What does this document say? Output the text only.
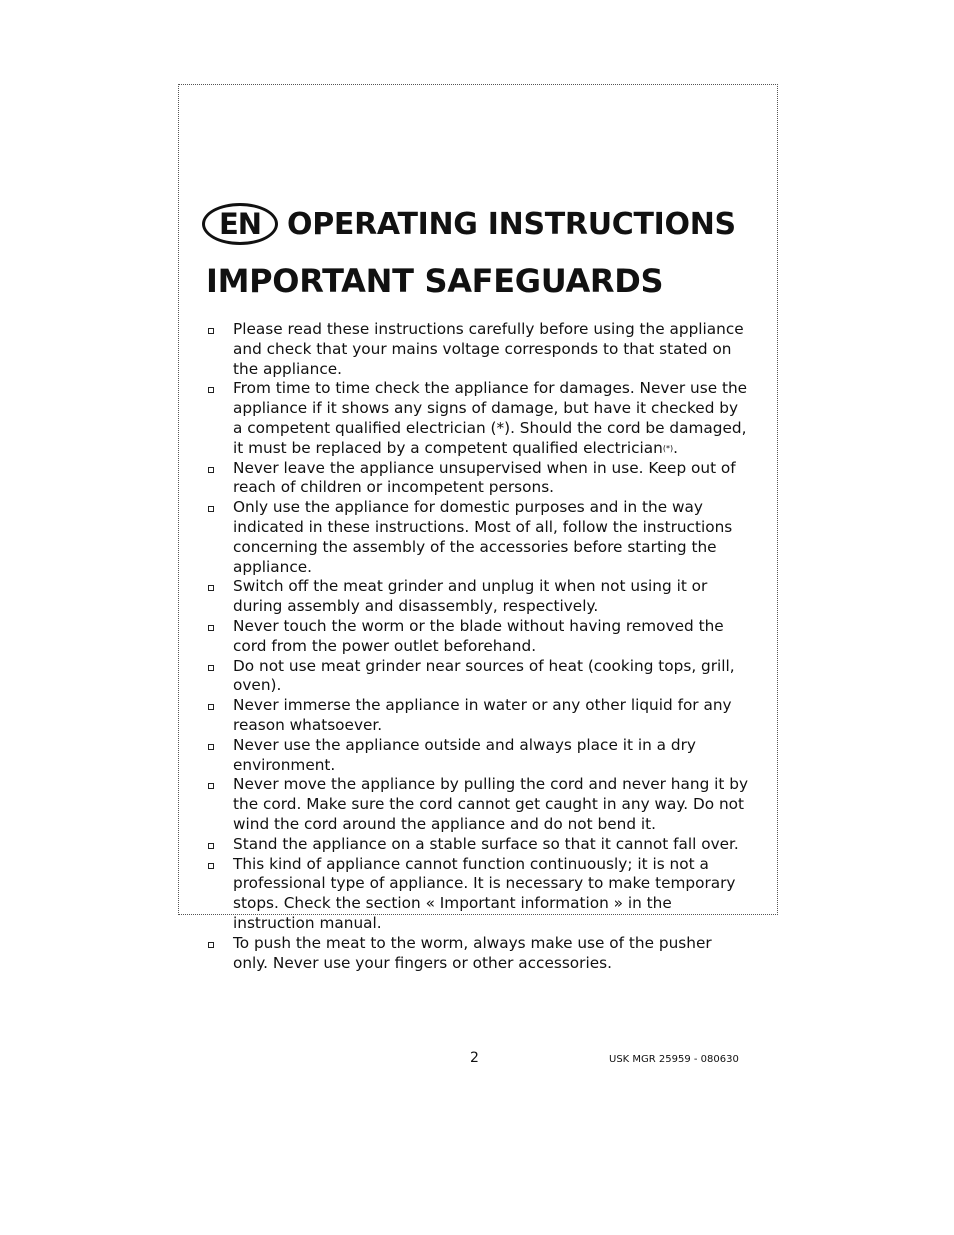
EN OPERATING INSTRUCTIONS
IMPORTANT SAFEGUARDS
Please read these instructions carefully before using the appliance and check that your mains voltage corresponds to that stated on the appliance.
From time to time check the appliance for damages. Never use the appliance if it shows any signs of damage, but have it checked by a competent qualified electrician (*). Should the cord be damaged, it must be replaced by a competent qualified electrician(*).
Never leave the appliance unsupervised when in use. Keep out of reach of children or incompetent persons.
Only use the appliance for domestic purposes and in the way indicated in these instructions. Most of all, follow the instructions concerning the assembly of the accessories before starting the appliance.
Switch off the meat grinder and unplug it when not using it or during assembly and disassembly, respectively.
Never touch the worm or the blade without having removed the cord from the power outlet beforehand.
Do not use meat grinder near sources of heat (cooking tops, grill, oven).
Never immerse the appliance in water or any other liquid for any reason whatsoever.
Never use the appliance outside and always place it in a dry environment.
Never move the appliance by pulling the cord and never hang it by the cord. Make sure the cord cannot get caught in any way. Do not wind the cord around the appliance and do not bend it.
Stand the appliance on a stable surface so that it cannot fall over.
This kind of appliance cannot function continuously; it is not a professional type of appliance. It is necessary to make temporary stops. Check the section « Important information » in the instruction manual.
To push the meat to the worm, always make use of the pusher only. Never use your fingers or other accessories.
2	USK MGR 25959 - 080630
